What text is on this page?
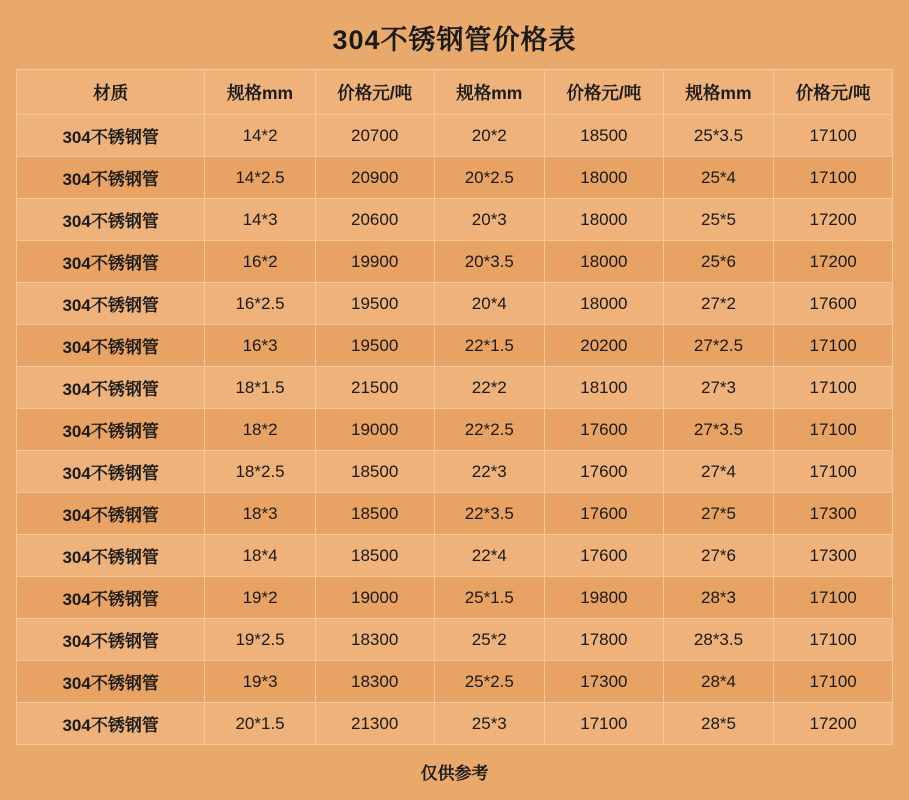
304不锈钢管价格表
材质	规格mm	价格元/吨	规格mm	价格元/吨	规格mm	价格元/吨
304不锈钢管	14*2	20700	20*2	18500	25*3.5	17100
304不锈钢管	14*2.5	20900	20*2.5	18000	25*4	17100
304不锈钢管	14*3	20600	20*3	18000	25*5	17200
304不锈钢管	16*2	19900	20*3.5	18000	25*6	17200
304不锈钢管	16*2.5	19500	20*4	18000	27*2	17600
304不锈钢管	16*3	19500	22*1.5	20200	27*2.5	17100
304不锈钢管	18*1.5	21500	22*2	18100	27*3	17100
304不锈钢管	18*2	19000	22*2.5	17600	27*3.5	17100
304不锈钢管	18*2.5	18500	22*3	17600	27*4	17100
304不锈钢管	18*3	18500	22*3.5	17600	27*5	17300
304不锈钢管	18*4	18500	22*4	17600	27*6	17300
304不锈钢管	19*2	19000	25*1.5	19800	28*3	17100
304不锈钢管	19*2.5	18300	25*2	17800	28*3.5	17100
304不锈钢管	19*3	18300	25*2.5	17300	28*4	17100
304不锈钢管	20*1.5	21300	25*3	17100	28*5	17200
仅供参考
